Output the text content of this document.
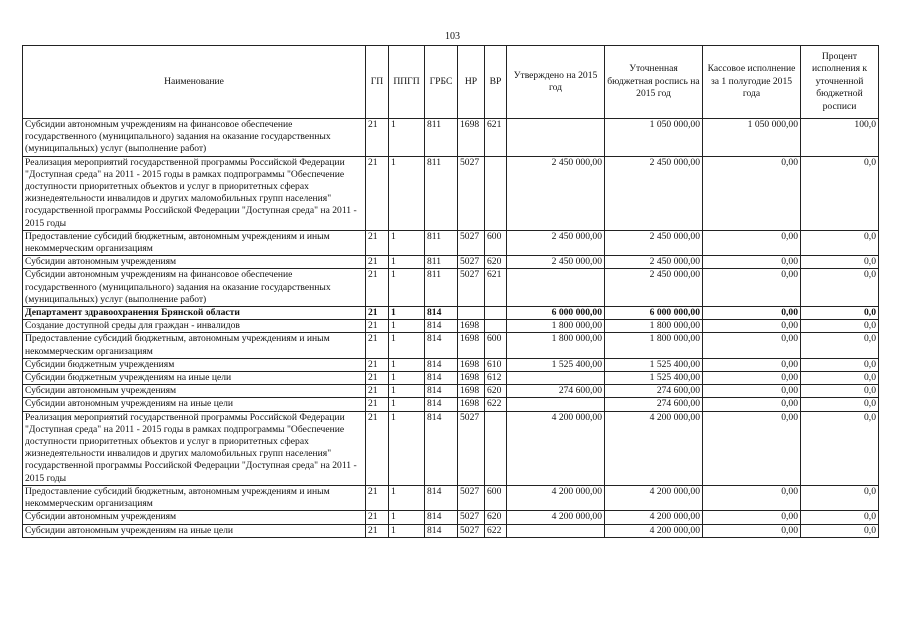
103
Наименование	ГП	ППГП	ГРБС	НР	ВР	Утверждено на 2015 год	Уточненная бюджетная роспись на 2015 год	Кассовое исполнение за 1 полугодие 2015 года	Процент исполнения к уточненной бюджетной росписи
Субсидии автономным учреждениям на финансовое обеспечение государственного (муниципального) задания на оказание государственных (муниципальных) услуг (выполнение работ)	21	1	811	1698	621		1 050 000,00	1 050 000,00	100,0
Реализация мероприятий государственной программы Российской Федерации "Доступная среда" на 2011 - 2015 годы в рамках подпрограммы "Обеспечение доступности приоритетных объектов и услуг в приоритетных сферах жизнедеятельности инвалидов и других маломобильных групп населения" государственной программы Российской Федерации "Доступная среда" на 2011 - 2015 годы	21	1	811	5027		2 450 000,00	2 450 000,00	0,00	0,0
Предоставление субсидий бюджетным, автономным учреждениям и иным некоммерческим организациям	21	1	811	5027	600	2 450 000,00	2 450 000,00	0,00	0,0
Субсидии автономным учреждениям	21	1	811	5027	620	2 450 000,00	2 450 000,00	0,00	0,0
Субсидии автономным учреждениям на финансовое обеспечение государственного (муниципального) задания на оказание государственных (муниципальных) услуг (выполнение работ)	21	1	811	5027	621		2 450 000,00	0,00	0,0
Департамент здравоохранения Брянской области	21	1	814			6 000 000,00	6 000 000,00	0,00	0,0
Создание доступной среды для граждан - инвалидов	21	1	814	1698		1 800 000,00	1 800 000,00	0,00	0,0
Предоставление субсидий бюджетным, автономным учреждениям и иным некоммерческим организациям	21	1	814	1698	600	1 800 000,00	1 800 000,00	0,00	0,0
Субсидии бюджетным учреждениям	21	1	814	1698	610	1 525 400,00	1 525 400,00	0,00	0,0
Субсидии бюджетным учреждениям на иные цели	21	1	814	1698	612		1 525 400,00	0,00	0,0
Субсидии автономным учреждениям	21	1	814	1698	620	274 600,00	274 600,00	0,00	0,0
Субсидии автономным учреждениям на иные цели	21	1	814	1698	622		274 600,00	0,00	0,0
Реализация мероприятий государственной программы Российской Федерации "Доступная среда" на 2011 - 2015 годы в рамках подпрограммы "Обеспечение доступности приоритетных объектов и услуг в приоритетных сферах жизнедеятельности инвалидов и других маломобильных групп населения" государственной программы Российской Федерации "Доступная среда" на 2011 - 2015 годы	21	1	814	5027		4 200 000,00	4 200 000,00	0,00	0,0
Предоставление субсидий бюджетным, автономным учреждениям и иным некоммерческим организациям	21	1	814	5027	600	4 200 000,00	4 200 000,00	0,00	0,0
Субсидии автономным учреждениям	21	1	814	5027	620	4 200 000,00	4 200 000,00	0,00	0,0
Субсидии автономным учреждениям на иные цели	21	1	814	5027	622		4 200 000,00	0,00	0,0
